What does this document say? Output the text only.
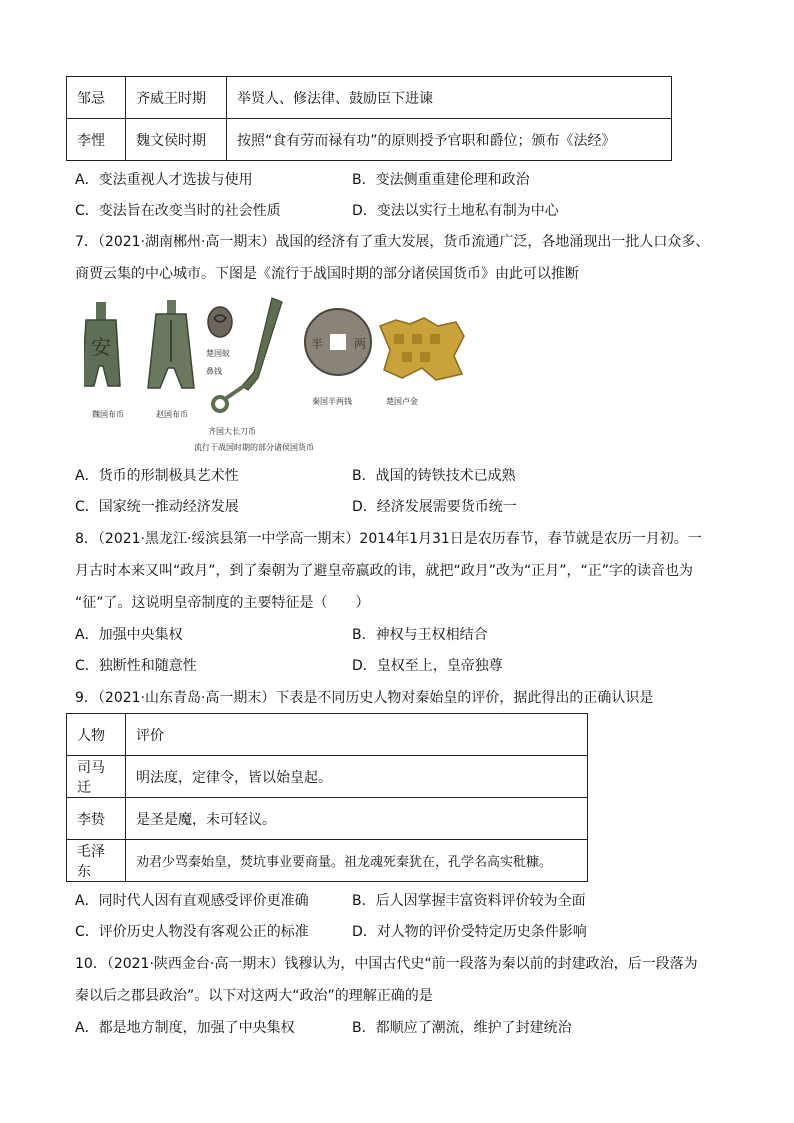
邹忌	齐威王时期	举贤人、修法律、鼓励臣下进谏
李悝	魏文侯时期	按照“食有劳而禄有功”的原则授予官职和爵位；颁布《法经》
A．变法重视人才选拔与使用	B．变法侧重重建伦理和政治
C．变法旨在改变当时的社会性质	D．变法以实行土地私有制为中心
7．（2021·湖南郴州·高一期末）战国的经济有了重大发展，货币流通广泛，各地涌现出一批人口众多、
商贾云集的中心城市。下图是《流行于战国时期的部分诸侯国货币》由此可以推断
安	半	两
魏国布币	赵国布币
楚国蚁
鼻钱
齐国大长刀币
秦国半两钱	楚国卢金
流行于战国时期的部分诸侯国货币
A．货币的形制极具艺术性	B．战国的铸铁技术已成熟
C．国家统一推动经济发展	D．经济发展需要货币统一
8．（2021·黑龙江·绥滨县第一中学高一期末）2014年1月31日是农历春节，春节就是农历一月初。一
月古时本来又叫“政月”，到了秦朝为了避皇帝嬴政的讳，就把“政月”改为“正月”，“正”字的读音也为
“征”了。这说明皇帝制度的主要特征是（　　）
A．加强中央集权	B．神权与王权相结合
C．独断性和随意性	D．皇权至上，皇帝独尊
9．（2021·山东青岛·高一期末）下表是不同历史人物对秦始皇的评价，据此得出的正确认识是
人物	评价
司马迁	明法度，定律令，皆以始皇起。
李贽	是圣是魔，未可轻议。
毛泽东	劝君少骂秦始皇，焚坑事业要商量。祖龙魂死秦犹在，孔学名高实秕糠。
A．同时代人因有直观感受评价更准确	B．后人因掌握丰富资料评价较为全面
C．评价历史人物没有客观公正的标准	D．对人物的评价受特定历史条件影响
10．（2021·陕西金台·高一期末）钱穆认为，中国古代史“前一段落为秦以前的封建政治，后一段落为
秦以后之郡县政治”。以下对这两大“政治”的理解正确的是
A．都是地方制度，加强了中央集权	B．都顺应了潮流，维护了封建统治
